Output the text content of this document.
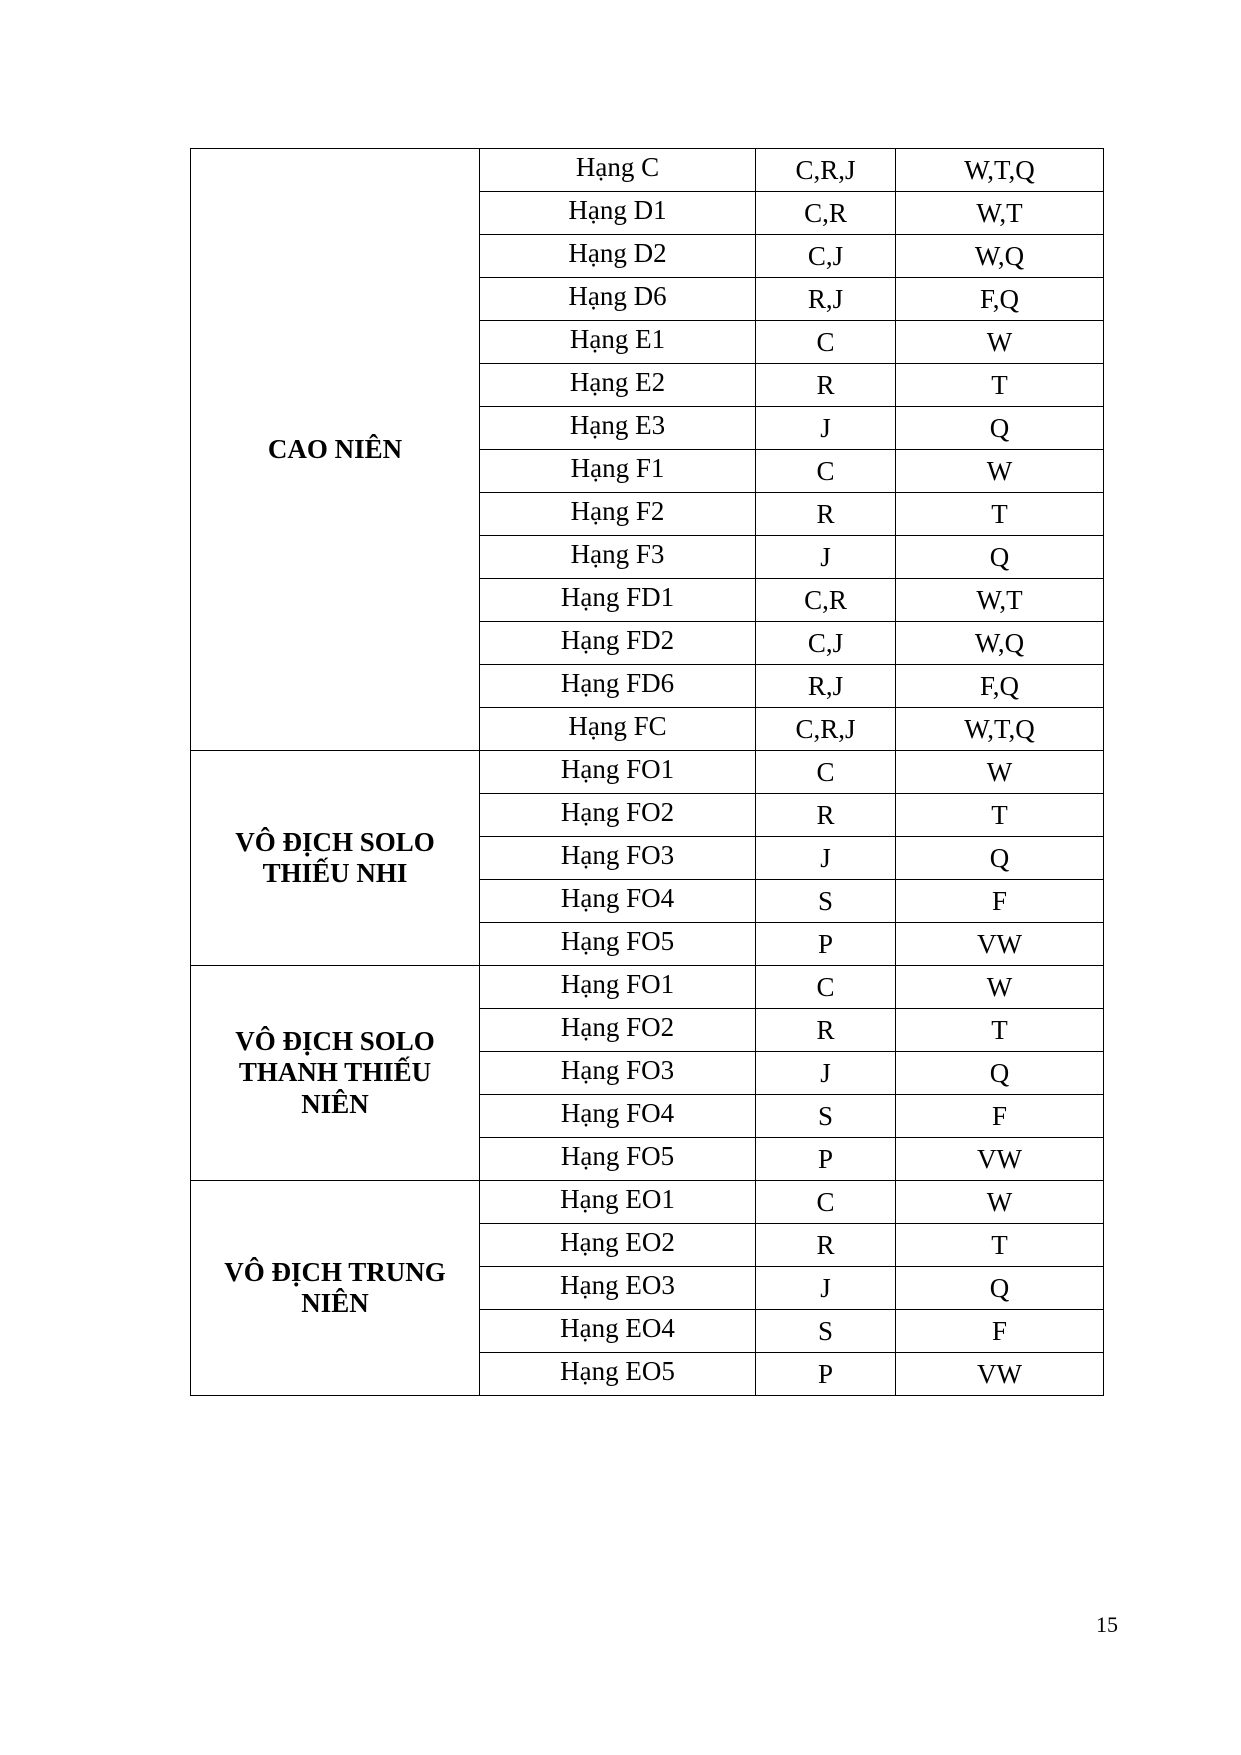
CAO NIÊN	Hạng C	C,R,J	W,T,Q
	Hạng D1	C,R	W,T
	Hạng D2	C,J	W,Q
	Hạng D6	R,J	F,Q
	Hạng E1	C	W
	Hạng E2	R	T
	Hạng E3	J	Q
	Hạng F1	C	W
	Hạng F2	R	T
	Hạng F3	J	Q
	Hạng FD1	C,R	W,T
	Hạng FD2	C,J	W,Q
	Hạng FD6	R,J	F,Q
	Hạng FC	C,R,J	W,T,Q
VÔ ĐỊCH SOLO THIẾU NHI	Hạng FO1	C	W
	Hạng FO2	R	T
	Hạng FO3	J	Q
	Hạng FO4	S	F
	Hạng FO5	P	VW
VÔ ĐỊCH SOLO THANH THIẾU NIÊN	Hạng FO1	C	W
	Hạng FO2	R	T
	Hạng FO3	J	Q
	Hạng FO4	S	F
	Hạng FO5	P	VW
VÔ ĐỊCH TRUNG NIÊN	Hạng EO1	C	W
	Hạng EO2	R	T
	Hạng EO3	J	Q
	Hạng EO4	S	F
	Hạng EO5	P	VW
15
